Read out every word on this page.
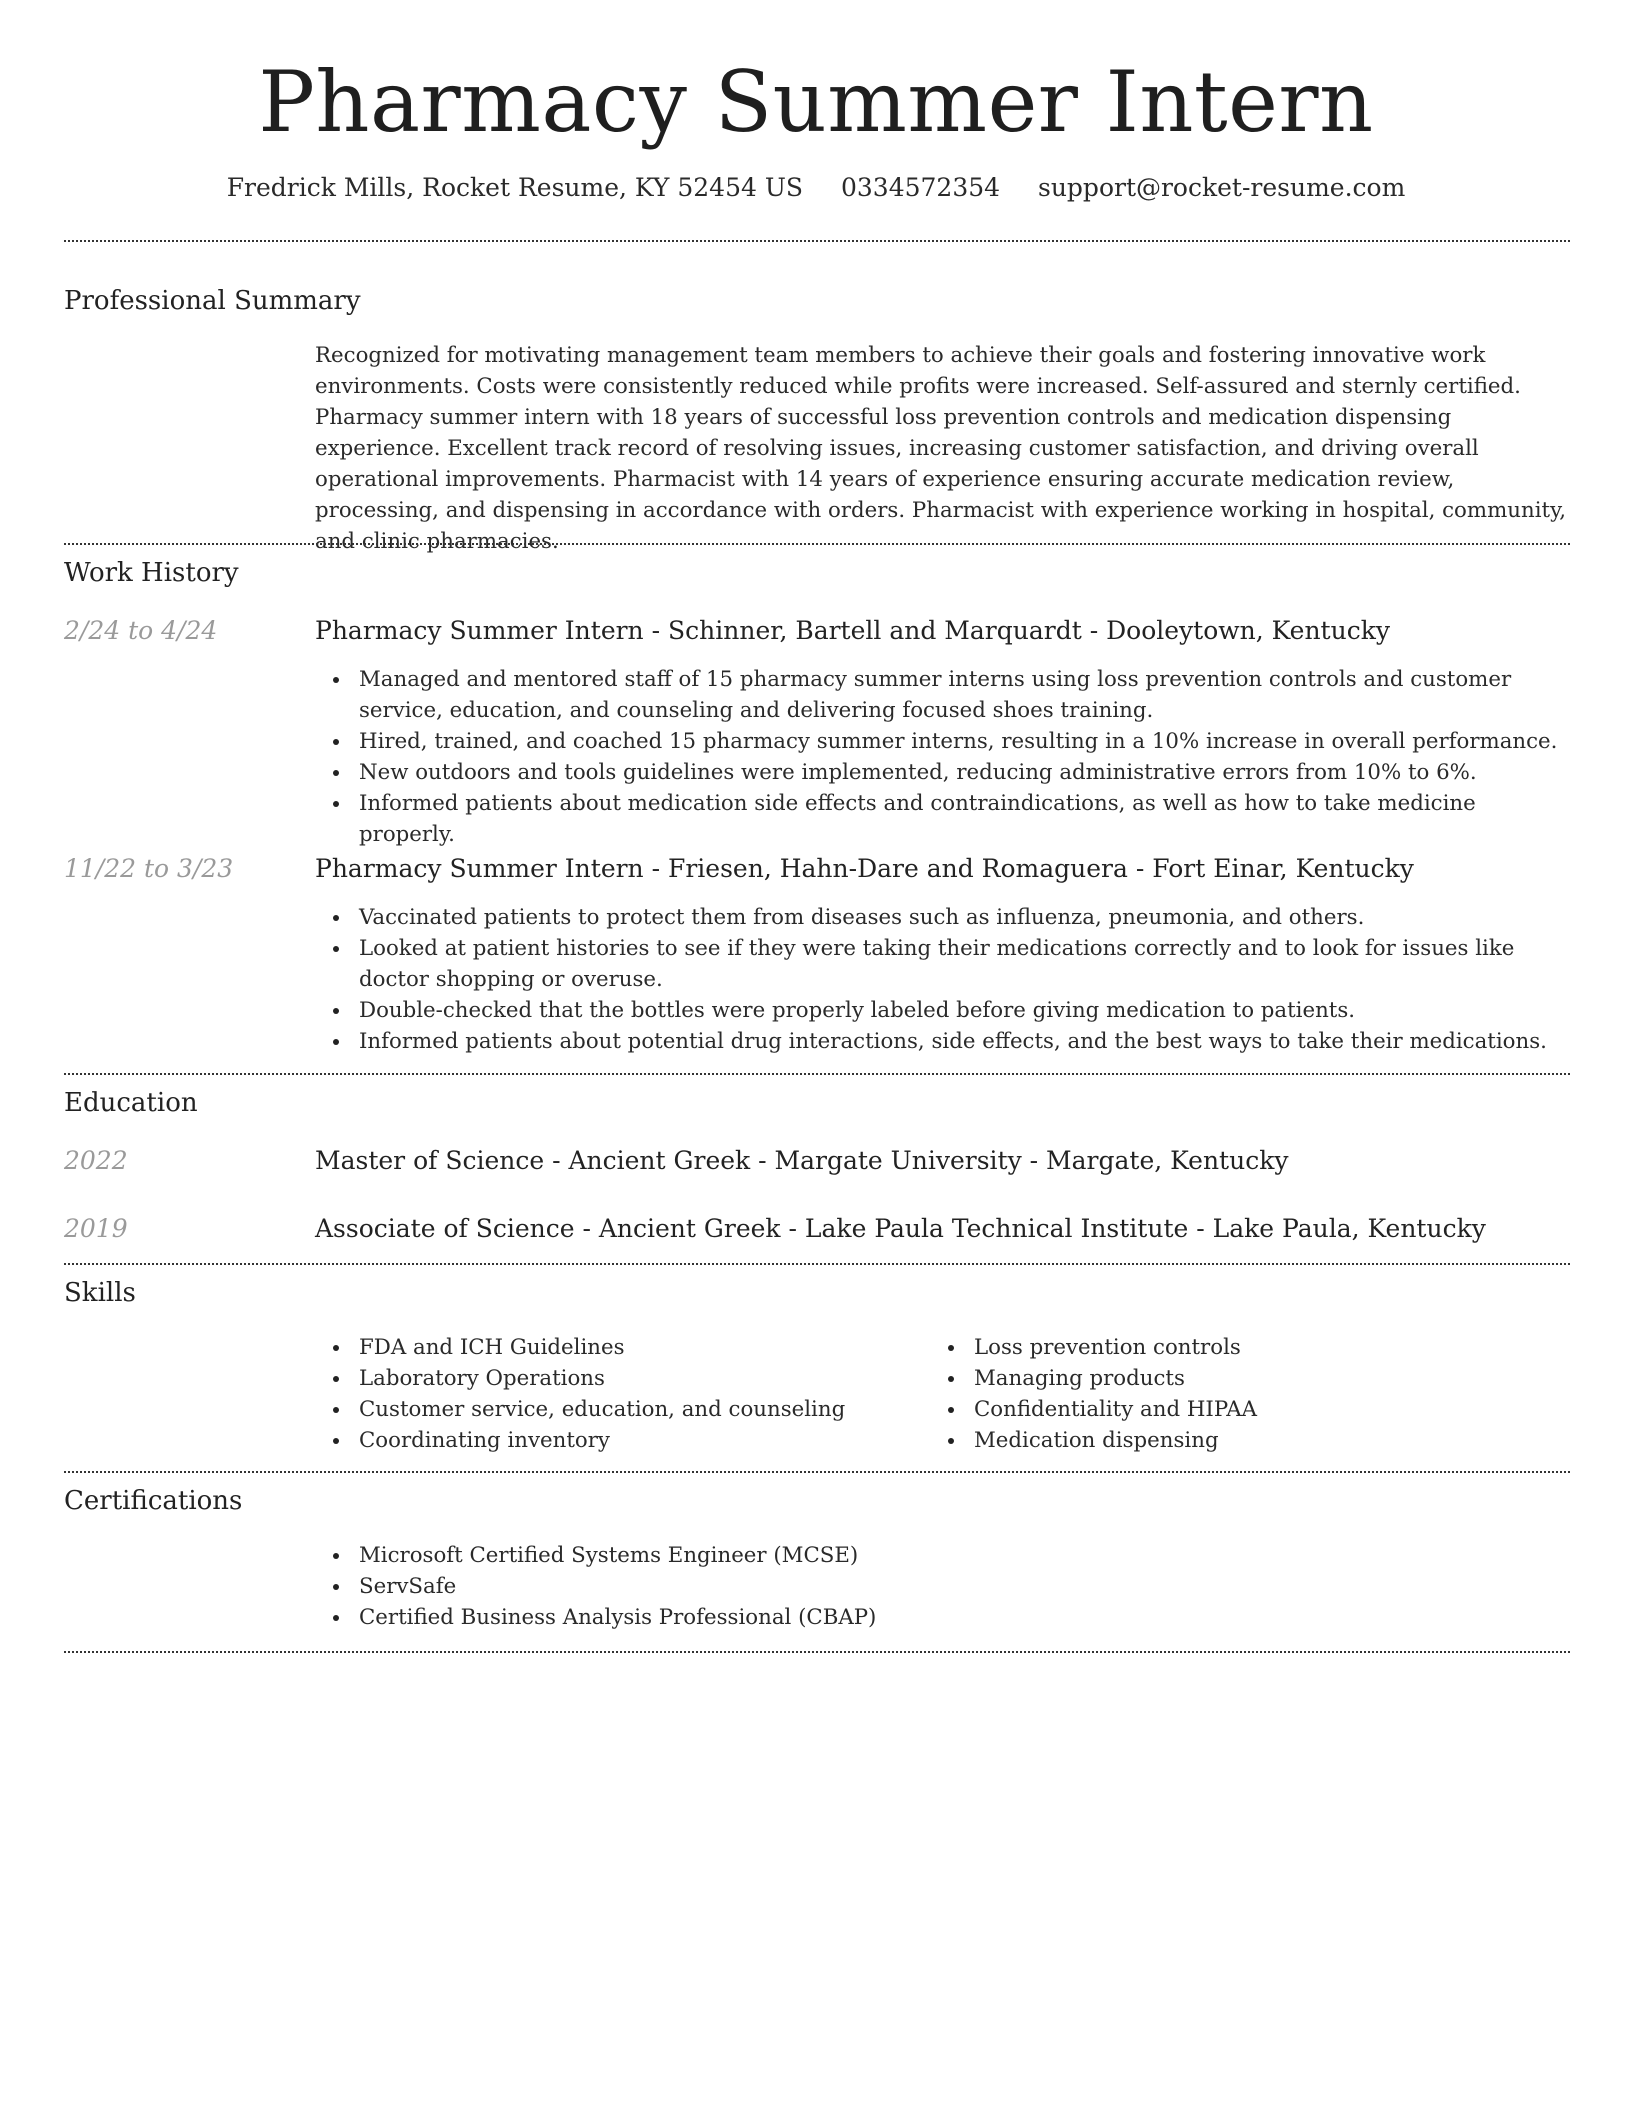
Pharmacy Summer Intern
Fredrick Mills, Rocket Resume, KY 52454 US 0334572354 support@rocket-resume.com
Professional Summary

Recognized for motivating management team members to achieve their goals and fostering innovative work environments. Costs were consistently reduced while profits were increased. Self-assured and sternly certified. Pharmacy summer intern with 18 years of successful loss prevention controls and medication dispensing experience. Excellent track record of resolving issues, increasing customer satisfaction, and driving overall operational improvements. Pharmacist with 14 years of experience ensuring accurate medication review, processing, and dispensing in accordance with orders. Pharmacist with experience working in hospital, community, and clinic pharmacies.

Work History
2/24 to 4/24	Pharmacy Summer Intern - Schinner, Bartell and Marquardt - Dooleytown, Kentucky
Managed and mentored staff of 15 pharmacy summer interns using loss prevention controls and customer service, education, and counseling and delivering focused shoes training.
Hired, trained, and coached 15 pharmacy summer interns, resulting in a 10% increase in overall performance.
New outdoors and tools guidelines were implemented, reducing administrative errors from 10% to 6%.
Informed patients about medication side effects and contraindications, as well as how to take medicine properly.
11/22 to 3/23	Pharmacy Summer Intern - Friesen, Hahn-Dare and Romaguera - Fort Einar, Kentucky
Vaccinated patients to protect them from diseases such as influenza, pneumonia, and others.
Looked at patient histories to see if they were taking their medications correctly and to look for issues like doctor shopping or overuse.
Double-checked that the bottles were properly labeled before giving medication to patients.
Informed patients about potential drug interactions, side effects, and the best ways to take their medications.
Education
2022	Master of Science - Ancient Greek - Margate University - Margate, Kentucky
2019	Associate of Science - Ancient Greek - Lake Paula Technical Institute - Lake Paula, Kentucky
Skills
FDA and ICH Guidelines
Laboratory Operations
Customer service, education, and counseling
Coordinating inventory
Loss prevention controls
Managing products
Confidentiality and HIPAA
Medication dispensing
Certifications
Microsoft Certified Systems Engineer (MCSE)
ServSafe
Certified Business Analysis Professional (CBAP)
